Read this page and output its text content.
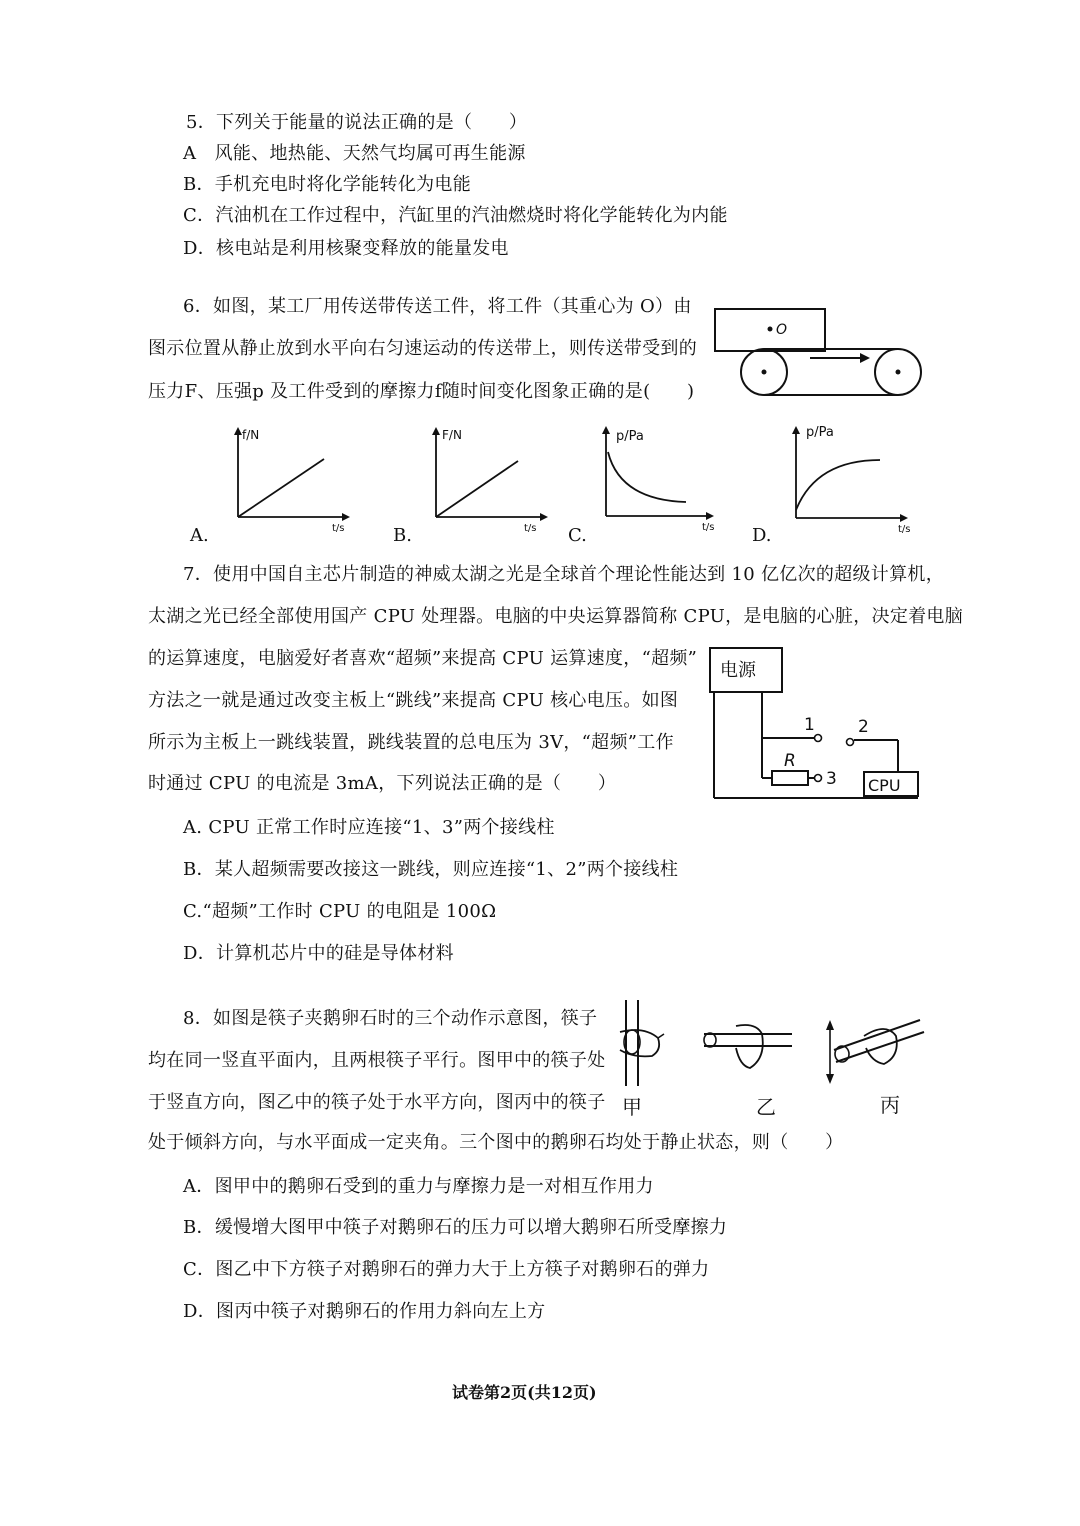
5．下列关于能量的说法正确的是（　　）
A　风能、地热能、天然气均属可再生能源
B．手机充电时将化学能转化为电能
C．汽油机在工作过程中，汽缸里的汽油燃烧时将化学能转化为内能
D．核电站是利用核聚变释放的能量发电
6．如图，某工厂用传送带传送工件，将工件（其重心为 O）由
图示位置从静止放到水平向右匀速运动的传送带上，则传送带受到的
压力F、压强p 及工件受到的摩擦力f随时间变化图象正确的是(　　)
O
f/N
t/s
A.
F/N
t/s
B.
p/Pa
t/s
C.
p/Pa
t/s
D.
7．使用中国自主芯片制造的神威太湖之光是全球首个理论性能达到 10 亿亿次的超级计算机，
太湖之光已经全部使用国产 CPU 处理器。电脑的中央运算器简称 CPU，是电脑的心脏，决定着电脑
的运算速度，电脑爱好者喜欢“超频”来提高 CPU 运算速度，“超频”
方法之一就是通过改变主板上“跳线”来提高 CPU 核心电压。如图
所示为主板上一跳线装置，跳线装置的总电压为 3V，“超频”工作
时通过 CPU 的电流是 3mA，下列说法正确的是（　　）
电源
1	2
R
3 CPU
A. CPU 正常工作时应连接“1、3”两个接线柱
B．某人超频需要改接这一跳线，则应连接“1、2”两个接线柱
C.“超频”工作时 CPU 的电阻是 100Ω
D．计算机芯片中的硅是导体材料
8．如图是筷子夹鹅卵石时的三个动作示意图，筷子
均在同一竖直平面内，且两根筷子平行。图甲中的筷子处
于竖直方向，图乙中的筷子处于水平方向，图丙中的筷子
处于倾斜方向，与水平面成一定夹角。三个图中的鹅卵石均处于静止状态，则（　　）
甲	乙	丙
A．图甲中的鹅卵石受到的重力与摩擦力是一对相互作用力
B．缓慢增大图甲中筷子对鹅卵石的压力可以增大鹅卵石所受摩擦力
C．图乙中下方筷子对鹅卵石的弹力大于上方筷子对鹅卵石的弹力
D．图丙中筷子对鹅卵石的作用力斜向左上方
试卷第2页(共12页)
